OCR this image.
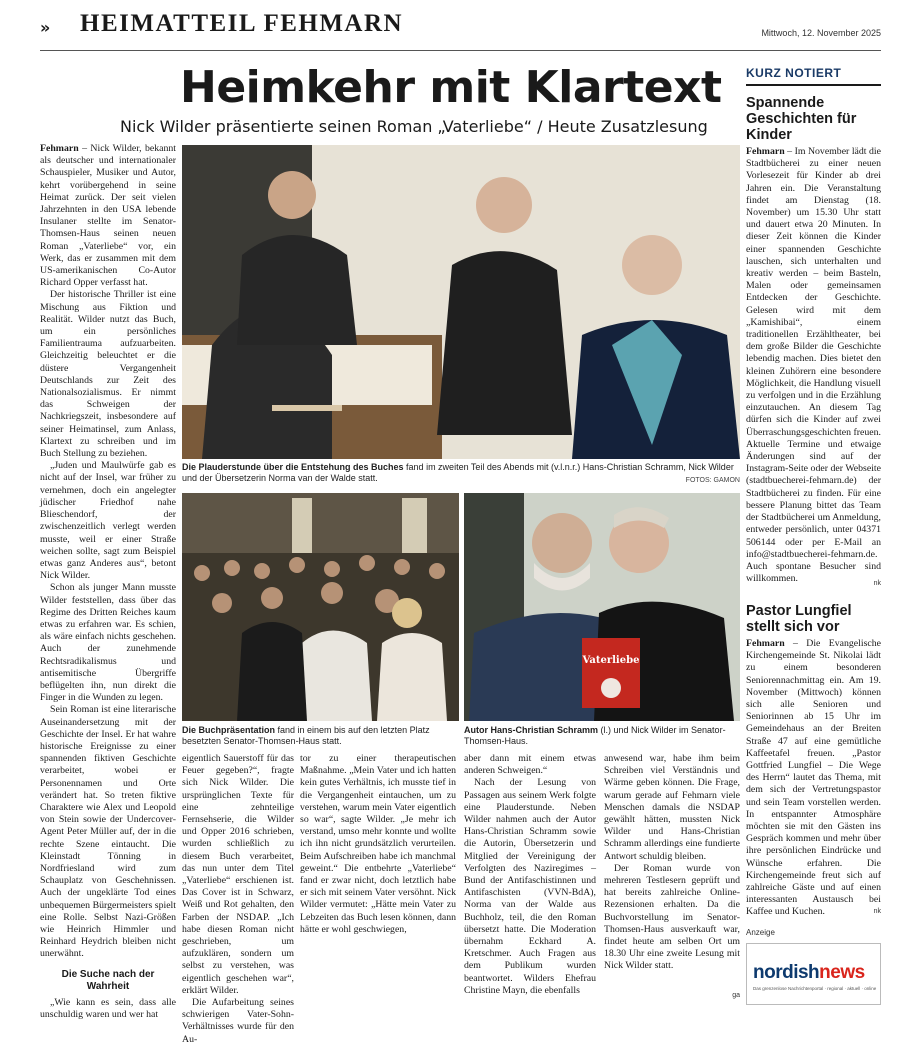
» HEIMATTEIL FEHMARN	Mittwoch, 12. November 2025
Heimkehr mit Klartext
Nick Wilder präsentierte seinen Roman „Vaterliebe“ / Heute Zusatzlesung

Fehmarn – Nick Wilder, bekannt als deutscher und internationaler Schauspieler, Musiker und Autor, kehrt vorübergehend in seine Heimat zurück. Der seit vielen Jahrzehnten in den USA lebende Insulaner stellte im Senator-Thomsen-Haus seinen neuen Roman „Vaterliebe“ vor, ein Werk, das er zusammen mit dem US-amerikanischen Co-Autor Richard Opper verfasst hat.

Der historische Thriller ist eine Mischung aus Fiktion und Realität. Wilder nutzt das Buch, um ein persönliches Familientrauma aufzuarbeiten. Gleichzeitig beleuchtet er die düstere Vergangenheit Deutschlands zur Zeit des Nationalsozialismus. Er nimmt das Schweigen der Nachkriegszeit, insbesondere auf seiner Heimatinsel, zum Anlass, Klartext zu schreiben und im Buch Stellung zu beziehen.

„Juden und Maulwürfe gab es nicht auf der Insel, war früher zu vernehmen, doch ein angelegter jüdischer Friedhof nahe Blieschendorf, der zwischenzeitlich verlegt werden musste, weil er einer Straße weichen sollte, sagt zum Beispiel etwas ganz Anderes aus“, betont Nick Wilder.

Schon als junger Mann musste Wilder feststellen, dass über das Regime des Dritten Reiches kaum etwas zu erfahren war. Es schien, als wäre einfach nichts geschehen. Auch der zunehmende Rechtsradikalismus und antisemitische Übergriffe beflügelten ihn, nun direkt die Finger in die Wunden zu legen.

Sein Roman ist eine literarische Auseinandersetzung mit der Geschichte der Insel. Er hat wahre historische Ereignisse zu einer spannenden fiktiven Geschichte verarbeitet, wobei er Personennamen und Orte verändert hat. So treten fiktive Charaktere wie Alex und Leopold von Stein sowie der Undercover-Agent Peter Müller auf, der in die rechte Szene eintaucht. Die Kleinstadt Tönning in Nordfriesland wird zum Schauplatz von Geschehnissen. Auch der ungeklärte Tod eines unbequemen Bürgermeisters spielt eine Rolle. Selbst Nazi-Größen wie Heinrich Himmler und Reinhard Heydrich bleiben nicht unerwähnt.

Die Suche nach der Wahrheit

„Wie kann es sein, dass alle unschuldig waren und wer hat

Die Plauderstunde über die Entstehung des Buches fand im zweiten Teil des Abends mit (v.l.n.r.) Hans-Christian Schramm, Nick Wilder und der Übersetzerin Norma van der Walde statt.	FOTOS: GAMON
Die Buchpräsentation fand in einem bis auf den letzten Platz besetzten Senator-Thomsen-Haus statt.
Vaterliebe
Autor Hans-Christian Schramm (l.) und Nick Wilder im Senator-Thomsen-Haus.

eigentlich Sauerstoff für das Feuer gegeben?“, fragte sich Nick Wilder. Die ursprünglichen Texte für eine zehnteilige Fernsehserie, die Wilder und Opper 2016 schrieben, wurden schließlich zu diesem Buch verarbeitet, das nun unter dem Titel „Vaterliebe“ erschienen ist. Das Cover ist in Schwarz, Weiß und Rot gehalten, den Farben der NSDAP. „Ich habe diesen Roman nicht geschrieben, um aufzuklären, sondern um selbst zu verstehen, was eigentlich geschehen war“, erklärt Wilder.

Die Aufarbeitung seines schwierigen Vater-Sohn-Verhältnisses wurde für den Au-

tor zu einer therapeutischen Maßnahme. „Mein Vater und ich hatten kein gutes Verhältnis, ich musste tief in die Vergangenheit eintauchen, um zu verstehen, warum mein Vater eigentlich so war“, sagte Wilder. „Je mehr ich verstand, umso mehr konnte und wollte ich ihn nicht grundsätzlich verurteilen. Beim Aufschreiben habe ich manchmal geweint.“ Die entbehrte „Vaterliebe“ fand er zwar nicht, doch letztlich habe er sich mit seinem Vater versöhnt. Nick Wilder vermutet: „Hätte mein Vater zu Lebzeiten das Buch lesen können, dann hätte er wohl geschwiegen,

aber dann mit einem etwas anderen Schweigen.“

Nach der Lesung von Passagen aus seinem Werk folgte eine Plauderstunde. Neben Wilder nahmen auch der Autor Hans-Christian Schramm sowie die Autorin, Übersetzerin und Mitglied der Vereinigung der Verfolgten des Naziregimes – Bund der Antifaschistinnen und Antifaschisten (VVN-BdA), Norma van der Walde aus Buchholz, teil, die den Roman übersetzt hatte. Die Moderation übernahm Eckhard A. Kretschmer. Auch Fragen aus dem Publikum wurden beantwortet. Wilders Ehefrau Christine Mayn, die ebenfalls

anwesend war, habe ihm beim Schreiben viel Verständnis und Wärme geben können. Die Frage, warum gerade auf Fehmarn viele Menschen damals die NSDAP gewählt hätten, mussten Nick Wilder und Hans-Christian Schramm allerdings eine fundierte Antwort schuldig bleiben.

Der Roman wurde von mehreren Testlesern geprüft und hat bereits zahlreiche Online-Rezensionen erhalten. Da die Buchvorstellung im Senator-Thomsen-Haus ausverkauft war, findet heute am selben Ort um 18.30 Uhr eine zweite Lesung mit Nick Wilder statt.

ga
KURZ NOTIERT
Spannende Geschichten für Kinder

Fehmarn – Im November lädt die Stadtbücherei zu einer neuen Vorlesezeit für Kinder ab drei Jahren ein. Die Veranstaltung findet am Dienstag (18. November) um 15.30 Uhr statt und dauert etwa 20 Minuten. In dieser Zeit können die Kinder einer spannenden Geschichte lauschen, sich unterhalten und kreativ werden – beim Basteln, Malen oder gemeinsamen Entdecken der Geschichte. Gelesen wird mit dem „Kamishibai“, einem traditionellen Erzähltheater, bei dem große Bilder die Geschichte lebendig machen. Dies bietet den kleinen Zuhörern eine besondere Möglichkeit, die Handlung visuell zu verfolgen und in die Erzählung einzutauchen. An diesem Tag dürfen sich die Kinder auf zwei Überraschungsgeschichten freuen. Aktuelle Termine und etwaige Änderungen sind auf der Instagram-Seite oder der Webseite (stadtbuecherei-fehmarn.de) der Stadtbücherei zu finden. Für eine bessere Planung bittet das Team der Stadtbücherei um Anmeldung, entweder persönlich, unter 04371 506144 oder per E-Mail an info@stadtbuecherei-fehmarn.de. Auch spontane Besucher sind willkommen.	nk
Pastor Lungfiel stellt sich vor

Fehmarn – Die Evangelische Kirchengemeinde St. Nikolai lädt zu einem besonderen Seniorennachmittag ein. Am 19. November (Mittwoch) können sich alle Senioren und Seniorinnen ab 15 Uhr im Gemeindehaus an der Breiten Straße 47 auf eine gemütliche Kaffeetafel freuen. „Pastor Gottfried Lungfiel – Die Wege des Herrn“ lautet das Thema, mit dem sich der Vertretungspastor und sein Team vorstellen werden. In entspannter Atmosphäre möchten sie mit den Gästen ins Gespräch kommen und mehr über ihre persönlichen Eindrücke und Wünsche erfahren. Die Kirchengemeinde freut sich auf zahlreiche Gäste und auf einen interessanten Austausch bei Kaffee und Kuchen.	nk
Anzeige
nordishnews
Das grenzenlose Nachrichtenportal · regional · aktuell · online
